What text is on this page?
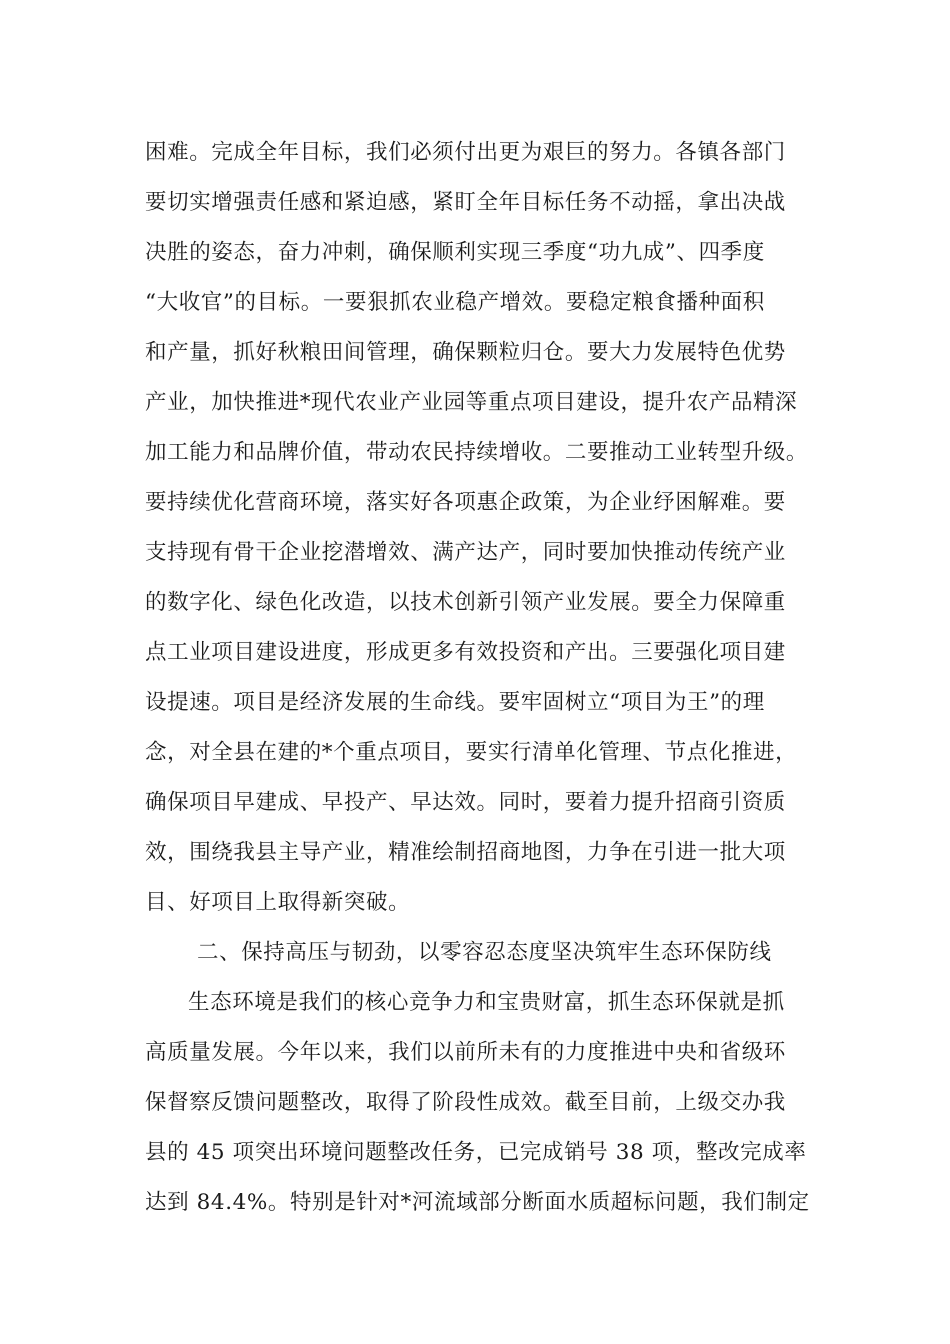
困难。完成全年目标，我们必须付出更为艰巨的努力。各镇各部门
要切实增强责任感和紧迫感，紧盯全年目标任务不动摇，拿出决战
决胜的姿态，奋力冲刺，确保顺利实现三季度“功九成”、四季度
“大收官”的目标。一要狠抓农业稳产增效。要稳定粮食播种面积
和产量，抓好秋粮田间管理，确保颗粒归仓。要大力发展特色优势
产业，加快推进*现代农业产业园等重点项目建设，提升农产品精深
加工能力和品牌价值，带动农民持续增收。二要推动工业转型升级。
要持续优化营商环境，落实好各项惠企政策，为企业纾困解难。要
支持现有骨干企业挖潜增效、满产达产，同时要加快推动传统产业
的数字化、绿色化改造，以技术创新引领产业发展。要全力保障重
点工业项目建设进度，形成更多有效投资和产出。三要强化项目建
设提速。项目是经济发展的生命线。要牢固树立“项目为王”的理
念，对全县在建的*个重点项目，要实行清单化管理、节点化推进，
确保项目早建成、早投产、早达效。同时，要着力提升招商引资质
效，围绕我县主导产业，精准绘制招商地图，力争在引进一批大项
目、好项目上取得新突破。
二、保持高压与韧劲，以零容忍态度坚决筑牢生态环保防线
生态环境是我们的核心竞争力和宝贵财富，抓生态环保就是抓
高质量发展。今年以来，我们以前所未有的力度推进中央和省级环
保督察反馈问题整改，取得了阶段性成效。截至目前，上级交办我
县的 45 项突出环境问题整改任务，已完成销号 38 项，整改完成率
达到 84.4%。特别是针对*河流域部分断面水质超标问题，我们制定
